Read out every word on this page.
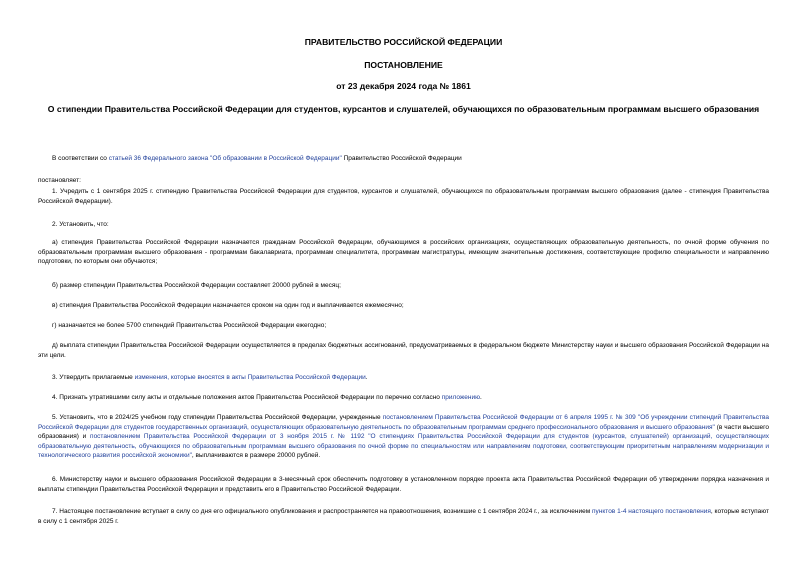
ПРАВИТЕЛЬСТВО РОССИЙСКОЙ ФЕДЕРАЦИИ

ПОСТАНОВЛЕНИЕ

от 23 декабря 2024 года № 1861

О стипендии Правительства Российской Федерации для студентов, курсантов и слушателей, обучающихся по образовательным программам высшего образования

В соответствии со статьей 36 Федерального закона "Об образовании в Российской Федерации" Правительство Российской Федерации

постановляет:

1. Учредить с 1 сентября 2025 г. стипендию Правительства Российской Федерации для студентов, курсантов и слушателей, обучающихся по образовательным программам высшего образования (далее - стипендия Правительства Российской Федерации).

2. Установить, что:

а) стипендия Правительства Российской Федерации назначается гражданам Российской Федерации, обучающимся в российских организациях, осуществляющих образовательную деятельность, по очной форме обучения по образовательным программам высшего образования - программам бакалавриата, программам специалитета, программам магистратуры, имеющим значительные достижения, соответствующие профилю специальности и направлению подготовки, по которым они обучаются;

б) размер стипендии Правительства Российской Федерации составляет 20000 рублей в месяц;

в) стипендия Правительства Российской Федерации назначается сроком на один год и выплачивается ежемесячно;

г) назначается не более 5700 стипендий Правительства Российской Федерации ежегодно;

д) выплата стипендии Правительства Российской Федерации осуществляется в пределах бюджетных ассигнований, предусматриваемых в федеральном бюджете Министерству науки и высшего образования Российской Федерации на эти цели.

3. Утвердить прилагаемые изменения, которые вносятся в акты Правительства Российской Федерации.

4. Признать утратившими силу акты и отдельные положения актов Правительства Российской Федерации по перечню согласно приложению.

5. Установить, что в 2024/25 учебном году стипендии Правительства Российской Федерации, учрежденные постановлением Правительства Российской Федерации от 6 апреля 1995 г. № 309 "Об учреждении стипендий Правительства Российской Федерации для студентов государственных организаций, осуществляющих образовательную деятельность по образовательным программам среднего профессионального образования и высшего образования" (в части высшего образования) и постановлением Правительства Российской Федерации от 3 ноября 2015 г. № 1192 "О стипендиях Правительства Российской Федерации для студентов (курсантов, слушателей) организаций, осуществляющих образовательную деятельность, обучающихся по образовательным программам высшего образования по очной форме по специальностям или направлениям подготовки, соответствующим приоритетным направлениям модернизации и технологического развития российской экономики", выплачиваются в размере 20000 рублей.

6. Министерству науки и высшего образования Российской Федерации в 3-месячный срок обеспечить подготовку в установленном порядке проекта акта Правительства Российской Федерации об утверждении порядка назначения и выплаты стипендии Правительства Российской Федерации и представить его в Правительство Российской Федерации.

7. Настоящее постановление вступает в силу со дня его официального опубликования и распространяется на правоотношения, возникшие с 1 сентября 2024 г., за исключением пунктов 1-4 настоящего постановления, которые вступают в силу с 1 сентября 2025 г.
